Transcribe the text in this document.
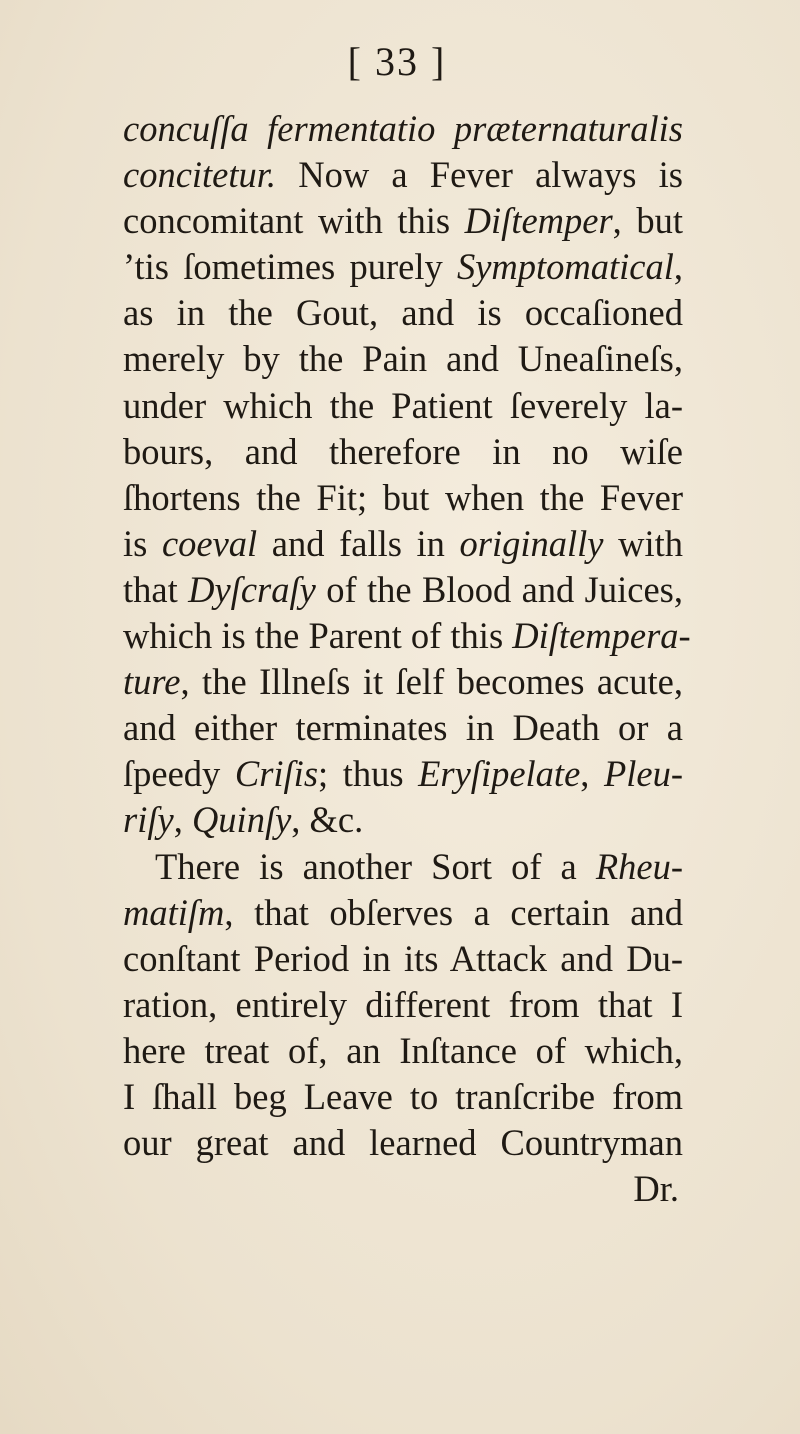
[ 33 ]
concuſſa fermentatio præternaturalis
concitetur. Now a Fever always is
concomitant with this Diſtemper, but
’tis ſometimes purely Symptomatical,
as in the Gout, and is occaſioned
merely by the Pain and Uneaſineſs,
under which the Patient ſeverely la-
bours, and therefore in no wiſe
ſhortens the Fit; but when the Fever
is coeval and falls in originally with
that Dyſcraſy of the Blood and Juices,
which is the Parent of this Diſtempera-
ture, the Illneſs it ſelf becomes acute,
and either terminates in Death or a
ſpeedy Criſis; thus Eryſipelate, Pleu-
riſy, Quinſy, &c.
There is another Sort of a Rheu-
matiſm, that obſerves a certain and
conſtant Period in its Attack and Du-
ration, entirely different from that I
here treat of, an Inſtance of which,
I ſhall beg Leave to tranſcribe from
our great and learned Countryman
Dr.
